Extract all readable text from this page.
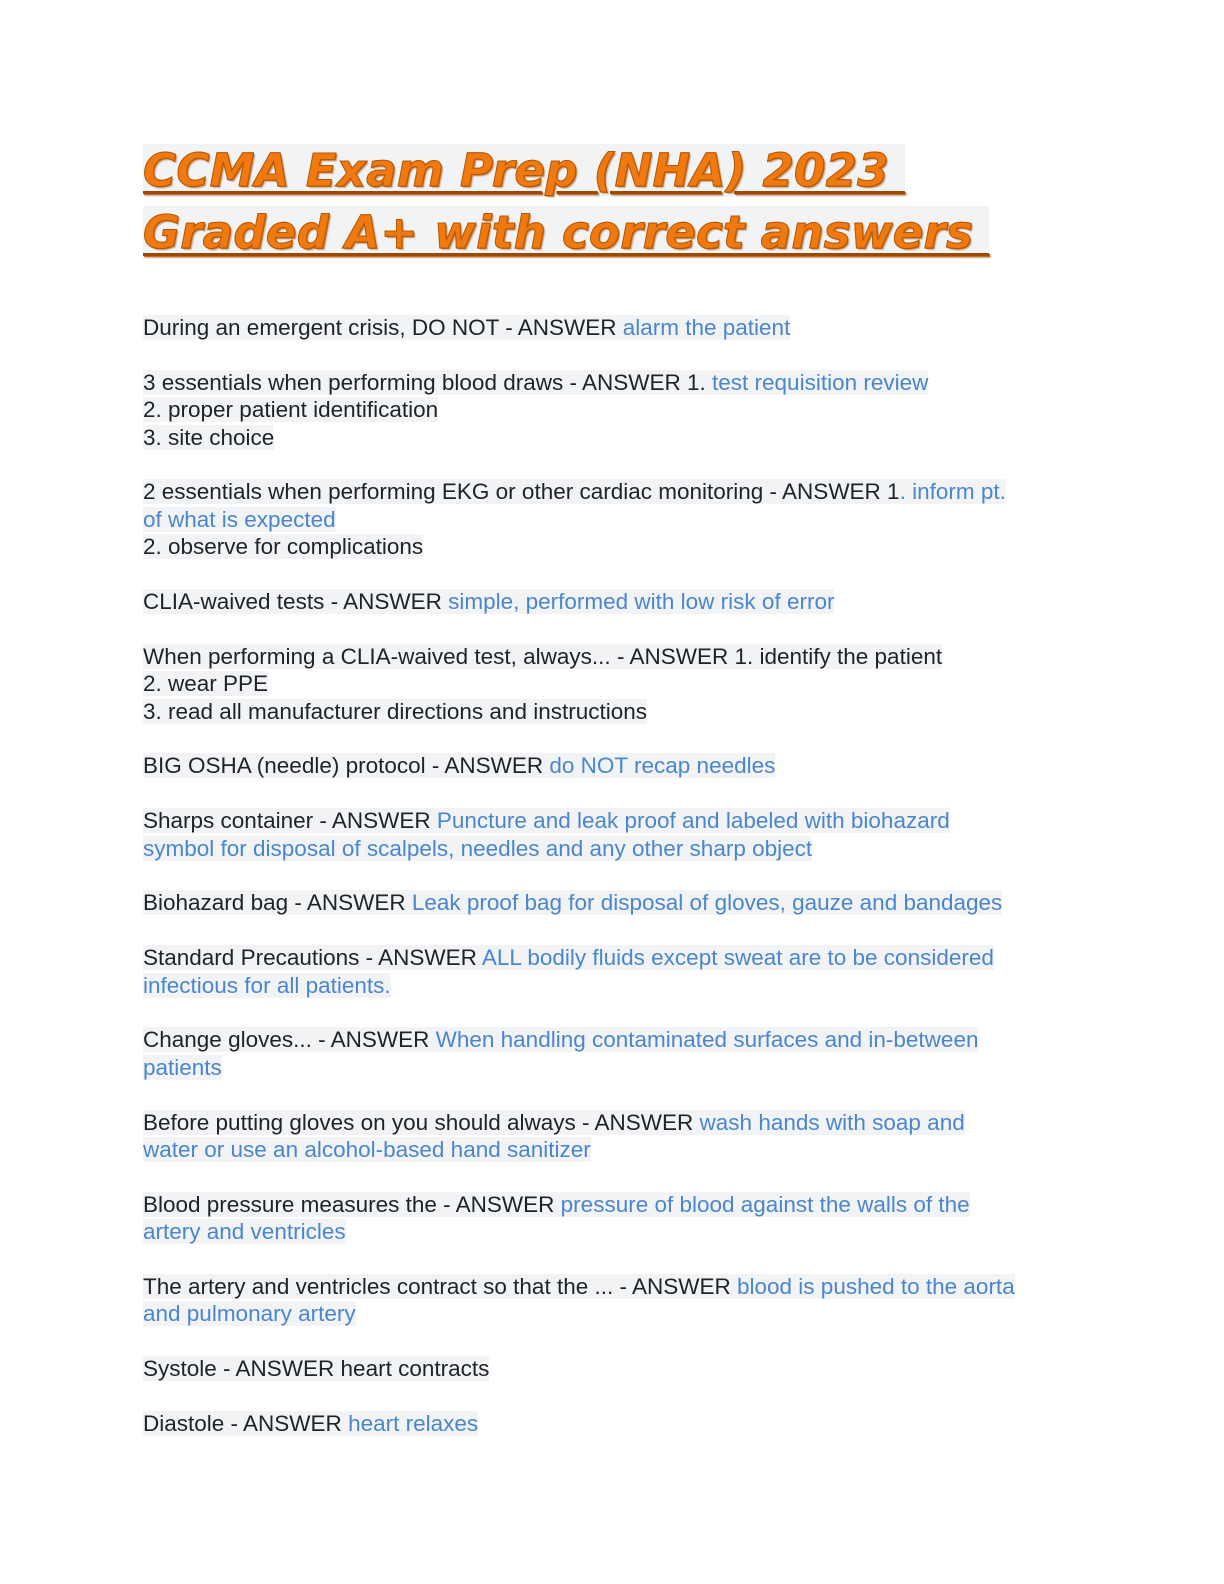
CCMA Exam Prep (NHA) 2023
Graded A+ with correct answers
During an emergent crisis, DO NOT - ANSWER alarm the patient
3 essentials when performing blood draws - ANSWER 1. test requisition review
2. proper patient identification
3. site choice
2 essentials when performing EKG or other cardiac monitoring - ANSWER 1. inform pt.
of what is expected
2. observe for complications
CLIA-waived tests - ANSWER simple, performed with low risk of error
When performing a CLIA-waived test, always... - ANSWER 1. identify the patient
2. wear PPE
3. read all manufacturer directions and instructions
BIG OSHA (needle) protocol - ANSWER do NOT recap needles
Sharps container - ANSWER Puncture and leak proof and labeled with biohazard
symbol for disposal of scalpels, needles and any other sharp object
Biohazard bag - ANSWER Leak proof bag for disposal of gloves, gauze and bandages
Standard Precautions - ANSWER ALL bodily fluids except sweat are to be considered
infectious for all patients.
Change gloves... - ANSWER When handling contaminated surfaces and in-between
patients
Before putting gloves on you should always - ANSWER wash hands with soap and
water or use an alcohol-based hand sanitizer
Blood pressure measures the - ANSWER pressure of blood against the walls of the
artery and ventricles
The artery and ventricles contract so that the ... - ANSWER blood is pushed to the aorta
and pulmonary artery
Systole - ANSWER heart contracts
Diastole - ANSWER heart relaxes
